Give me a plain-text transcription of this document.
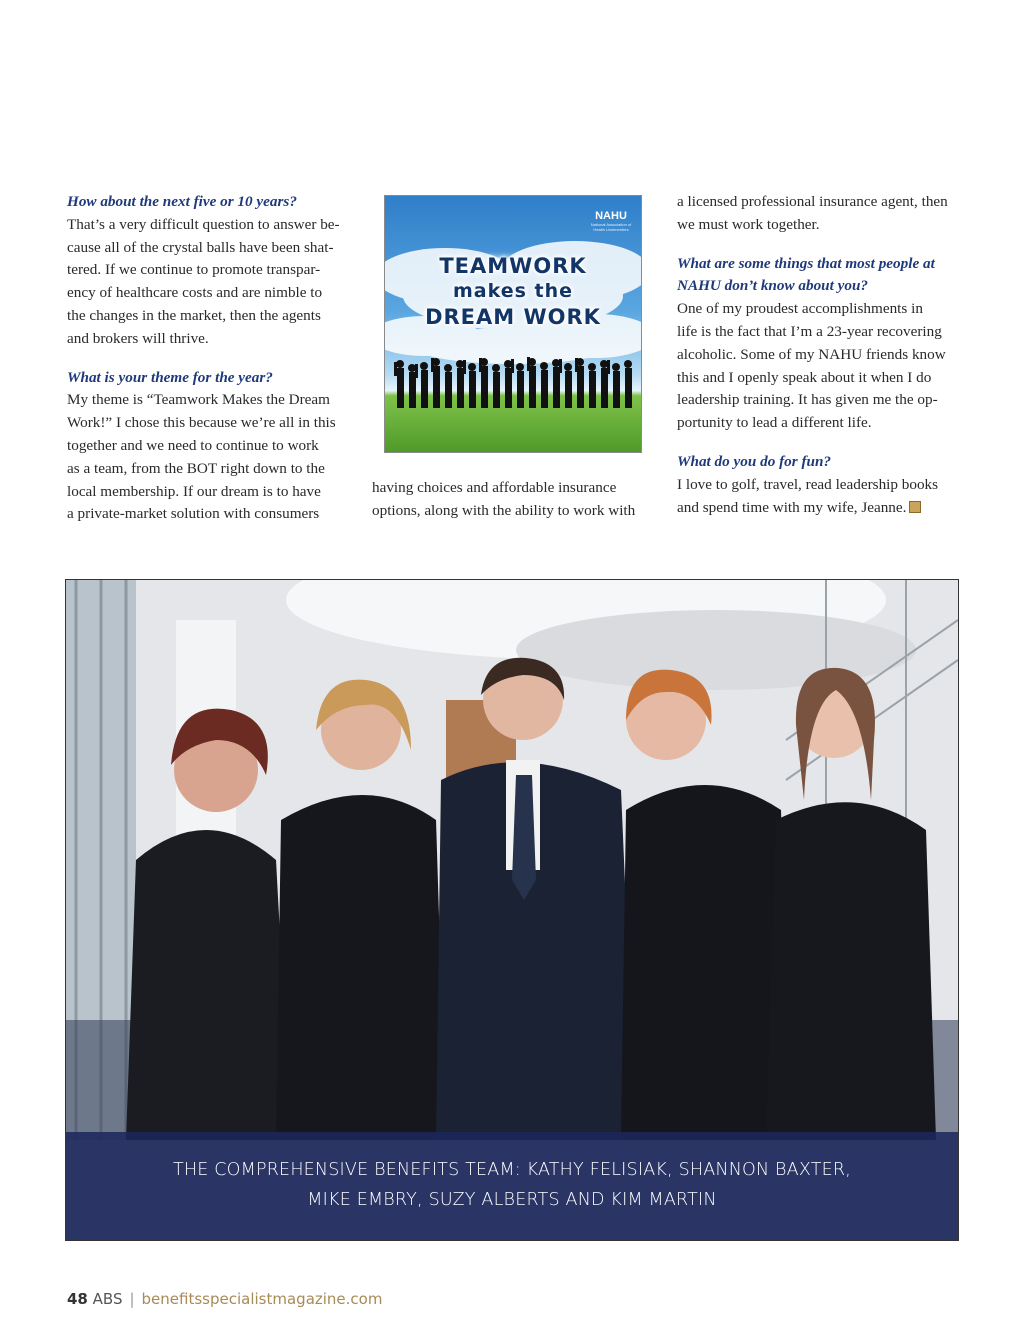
How about the next five or 10 years?

That’s a very difficult question to answer be-

cause all of the crystal balls have been shat-

tered. If we continue to promote transpar-

ency of healthcare costs and are nimble to

the changes in the market, then the agents

and brokers will thrive.

What is your theme for the year?

My theme is “Teamwork Makes the Dream

Work!” I chose this because we’re all in this

together and we need to continue to work

as a team, from the BOT right down to the

local membership. If our dream is to have

a private-market solution with consumers

NAHU
National Association of Health Underwriters
TEAMWORK
makes the
DREAM WORK

having choices and affordable insurance

options, along with the ability to work with

a licensed professional insurance agent, then

we must work together.

What are some things that most people at

NAHU don’t know about you?

One of my proudest accomplishments in

life is the fact that I’m a 23-year recovering

alcoholic. Some of my NAHU friends know

this and I openly speak about it when I do

leadership training. It has given me the op-

portunity to lead a different life.

What do you do for fun?

I love to golf, travel, read leadership books

and spend time with my wife, Jeanne.

THE COMPREHENSIVE BENEFITS TEAM: KATHY FELISIAK, SHANNON BAXTER,

MIKE EMBRY, SUZY ALBERTS AND KIM MARTIN

48 ABS | benefitsspecialistmagazine.com
